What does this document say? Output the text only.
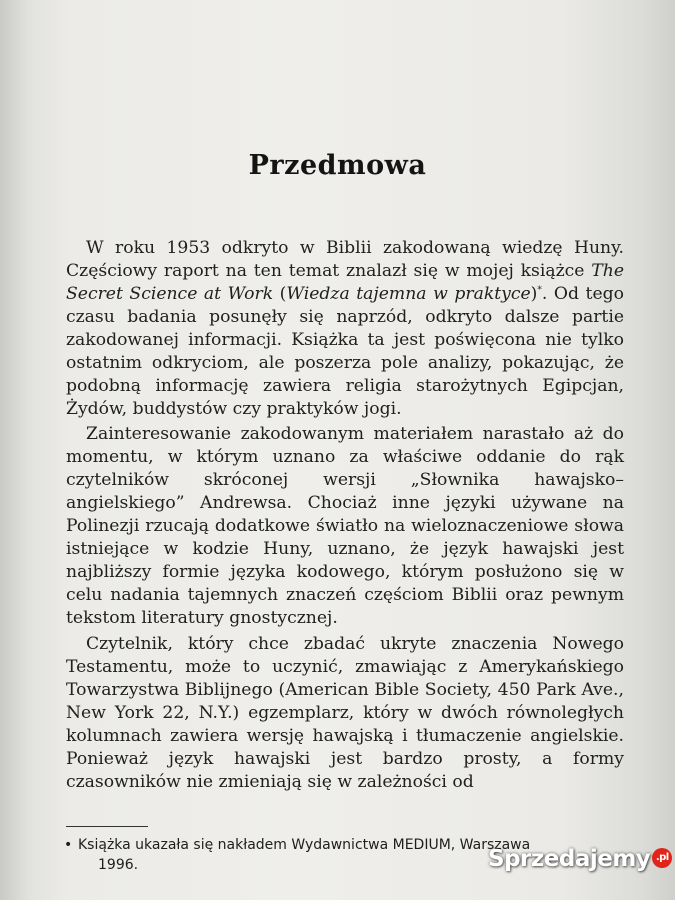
Przedmowa
W roku 1953 odkryto w Biblii zakodowaną wiedzę Huny. Częściowy raport na ten temat znalazł się w mojej książce The Secret Science at Work (Wiedza tajemna w praktyce)*. Od tego czasu badania posunęły się naprzód, odkryto dalsze partie zakodowanej informacji. Książka ta jest poświęcona nie tylko ostatnim odkryciom, ale poszerza pole analizy, pokazując, że podobną informację zawiera religia starożytnych Egipcjan, Żydów, buddystów czy praktyków jogi.
Zainteresowanie zakodowanym materiałem narastało aż do momentu, w którym uznano za właściwe oddanie do rąk czytelników skróconej wersji „Słownika hawajsko–angielskiego” Andrewsa. Chociaż inne języki używane na Polinezji rzucają dodatkowe światło na wieloznaczeniowe słowa istniejące w kodzie Huny, uznano, że język hawajski jest najbliższy formie języka kodowego, którym posłużono się w celu nadania tajemnych znaczeń częściom Biblii oraz pewnym tekstom literatury gnostycznej.
Czytelnik, który chce zbadać ukryte znaczenia Nowego Testamentu, może to uczynić, zmawiając z Amerykańskiego Towarzystwa Biblijnego (American Bible Society, 450 Park Ave., New York 22, N.Y.) egzemplarz, który w dwóch równoległych kolumnach zawiera wersję hawajską i tłumaczenie angielskie. Ponieważ język hawajski jest bardzo prosty, a formy czasowników nie zmieniają się w zależności od
• Książka ukazała się nakładem Wydawnictwa MEDIUM, Warszawa
1996.	Sprzedajemy .pl
